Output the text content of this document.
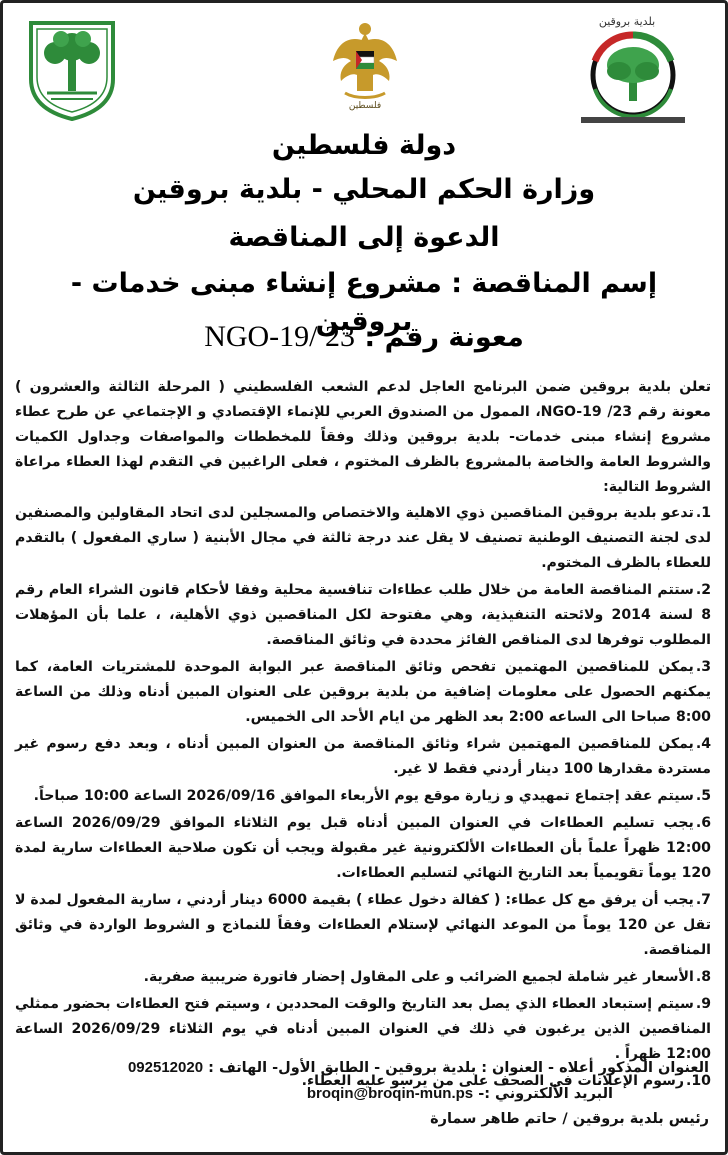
فلسطين
بلدية بروقين
دولة فلسطين
وزارة الحكم المحلي - بلدية بروقين
الدعوة إلى المناقصة
إسم المناقصة : مشروع إنشاء مبنى خدمات - بروقين
معونة رقم : NGO-19/ 23

تعلن بلدية بروقين ضمن البرنامج العاجل لدعم الشعب الفلسطيني ( المرحلة الثالثة والعشرون ) معونة رقم NGO-19 /23، الممول من الصندوق العربي للإنماء الإقتصادي و الإجتماعي عن طرح عطاء مشروع إنشاء مبنى خدمات- بلدية بروقين وذلك وفقاً للمخططات والمواصفات وجداول الكميات والشروط العامة والخاصة بالمشروع بالظرف المختوم ، فعلى الراغبين في التقدم لهذا العطاء مراعاة الشروط التالية:

1.تدعو بلدية بروقين المناقصين ذوي الاهلية والاختصاص والمسجلين لدى اتحاد المقاولين والمصنفين لدى لجنة التصنيف الوطنية تصنيف لا يقل عند درجة ثالثة في مجال الأبنية ( ساري المفعول ) بالتقدم للعطاء بالظرف المختوم.

2.ستتم المناقصة العامة من خلال طلب عطاءات تنافسية محلية وفقا لأحكام قانون الشراء العام رقم 8 لسنة 2014 ولائحته التنفيذية، وهي مفتوحة لكل المناقصين ذوي الأهلية، ، علما بأن المؤهلات المطلوب توفرها لدى المناقص الفائز محددة في وثائق المناقصة.

3.يمكن للمناقصين المهتمين تفحص وثائق المناقصة عبر البوابة الموحدة للمشتريات العامة، كما يمكنهم الحصول على معلومات إضافية من بلدية بروقين على العنوان المبين أدناه وذلك من الساعة 8:00 صباحا الى الساعه 2:00 بعد الظهر من ايام الأحد الى الخميس.

4.يمكن للمناقصين المهتمين شراء وثائق المناقصة من العنوان المبين أدناه ، وبعد دفع رسوم غير مستردة مقدارها 100 دينار أردني فقط لا غير.

5.سيتم عقد إجتماع تمهيدي و زيارة موقع يوم الأربعاء الموافق 2026/09/16 الساعة 10:00 صباحاً.

6.يجب تسليم العطاءات في العنوان المبين أدناه قبل يوم الثلاثاء الموافق 2026/09/29 الساعة 12:00 ظهراً علماً بأن العطاءات الألكترونية غير مقبولة ويجب أن تكون صلاحية العطاءات سارية لمدة 120 يوماً تقويمياً بعد التاريخ النهائي لتسليم العطاءات.

7.يجب أن يرفق مع كل عطاء: ( كفالة دخول عطاء ) بقيمة 6000 دينار أردني ، سارية المفعول لمدة لا تقل عن 120 يوماً من الموعد النهائي لإستلام العطاءات وفقاً للنماذج و الشروط الواردة في وثائق المناقصة.

8.الأسعار غير شاملة لجميع الضرائب و على المقاول إحضار فاتورة ضريبية صفرية.

9.سيتم إستبعاد العطاء الذي يصل بعد التاريخ والوقت المحددين ، وسيتم فتح العطاءات بحضور ممثلي المناقصين الذين يرغبون في ذلك في العنوان المبين أدناه في يوم الثلاثاء 2026/09/29 الساعة 12:00 ظهراً .

10.رسوم الإعلانات في الصحف على من يرسو عليه العطاء.

العنوان المذكور أعلاه - العنوان : بلدية بروقين - الطابق الأول- الهاتف : 092512020
البريد الألكتروني :- broqin@broqin-mun.ps
رئيس بلدية بروقين / حاتم طاهر سمارة
